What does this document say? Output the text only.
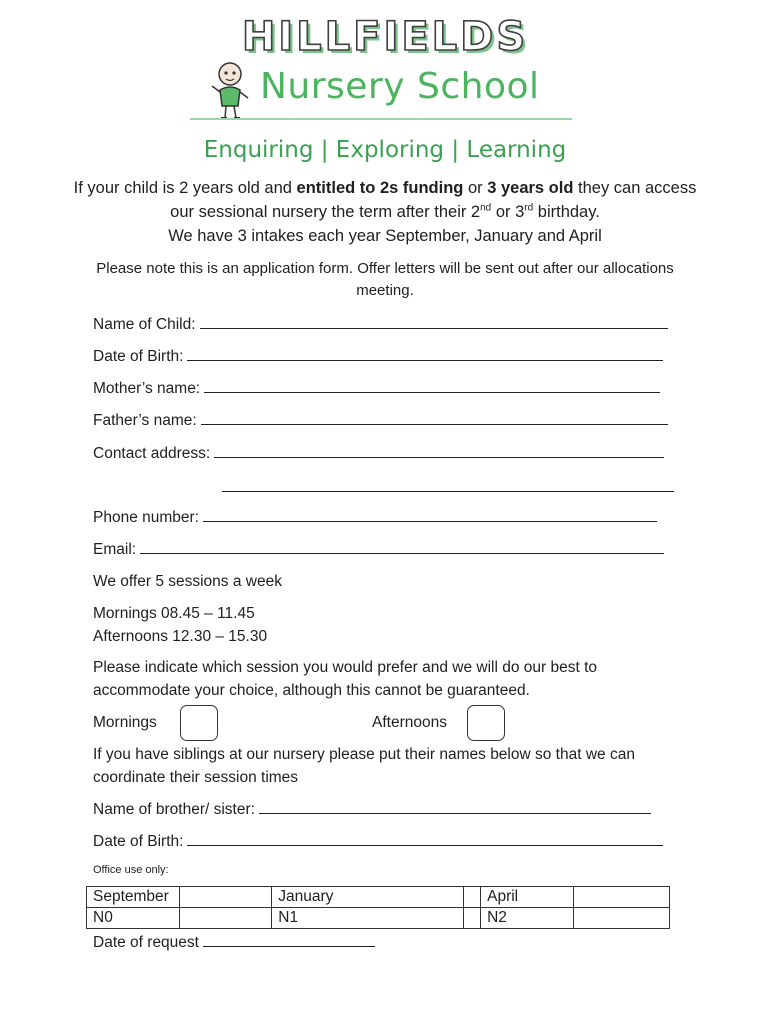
HILLFIELDS
Nursery School
Enquiring | Exploring | Learning
If your child is 2 years old and entitled to 2s funding or 3 years old they can access our sessional nursery the term after their 2nd or 3rd birthday.
We have 3 intakes each year September, January and April
Please note this is an application form. Offer letters will be sent out after our allocations meeting.
Name of Child:
Date of Birth:
Mother’s name:
Father’s name:
Contact address:
Phone number:
Email:
We offer 5 sessions a week
Mornings 08.45 – 11.45
Afternoons 12.30 – 15.30
Please indicate which session you would prefer and we will do our best to accommodate your choice, although this cannot be guaranteed.
Mornings	Afternoons
If you have siblings at our nursery please put their names below so that we can coordinate their session times
Name of brother/ sister:
Date of Birth:
Office use only:
September		January		April	
N0		N1		N2	
Date of request
